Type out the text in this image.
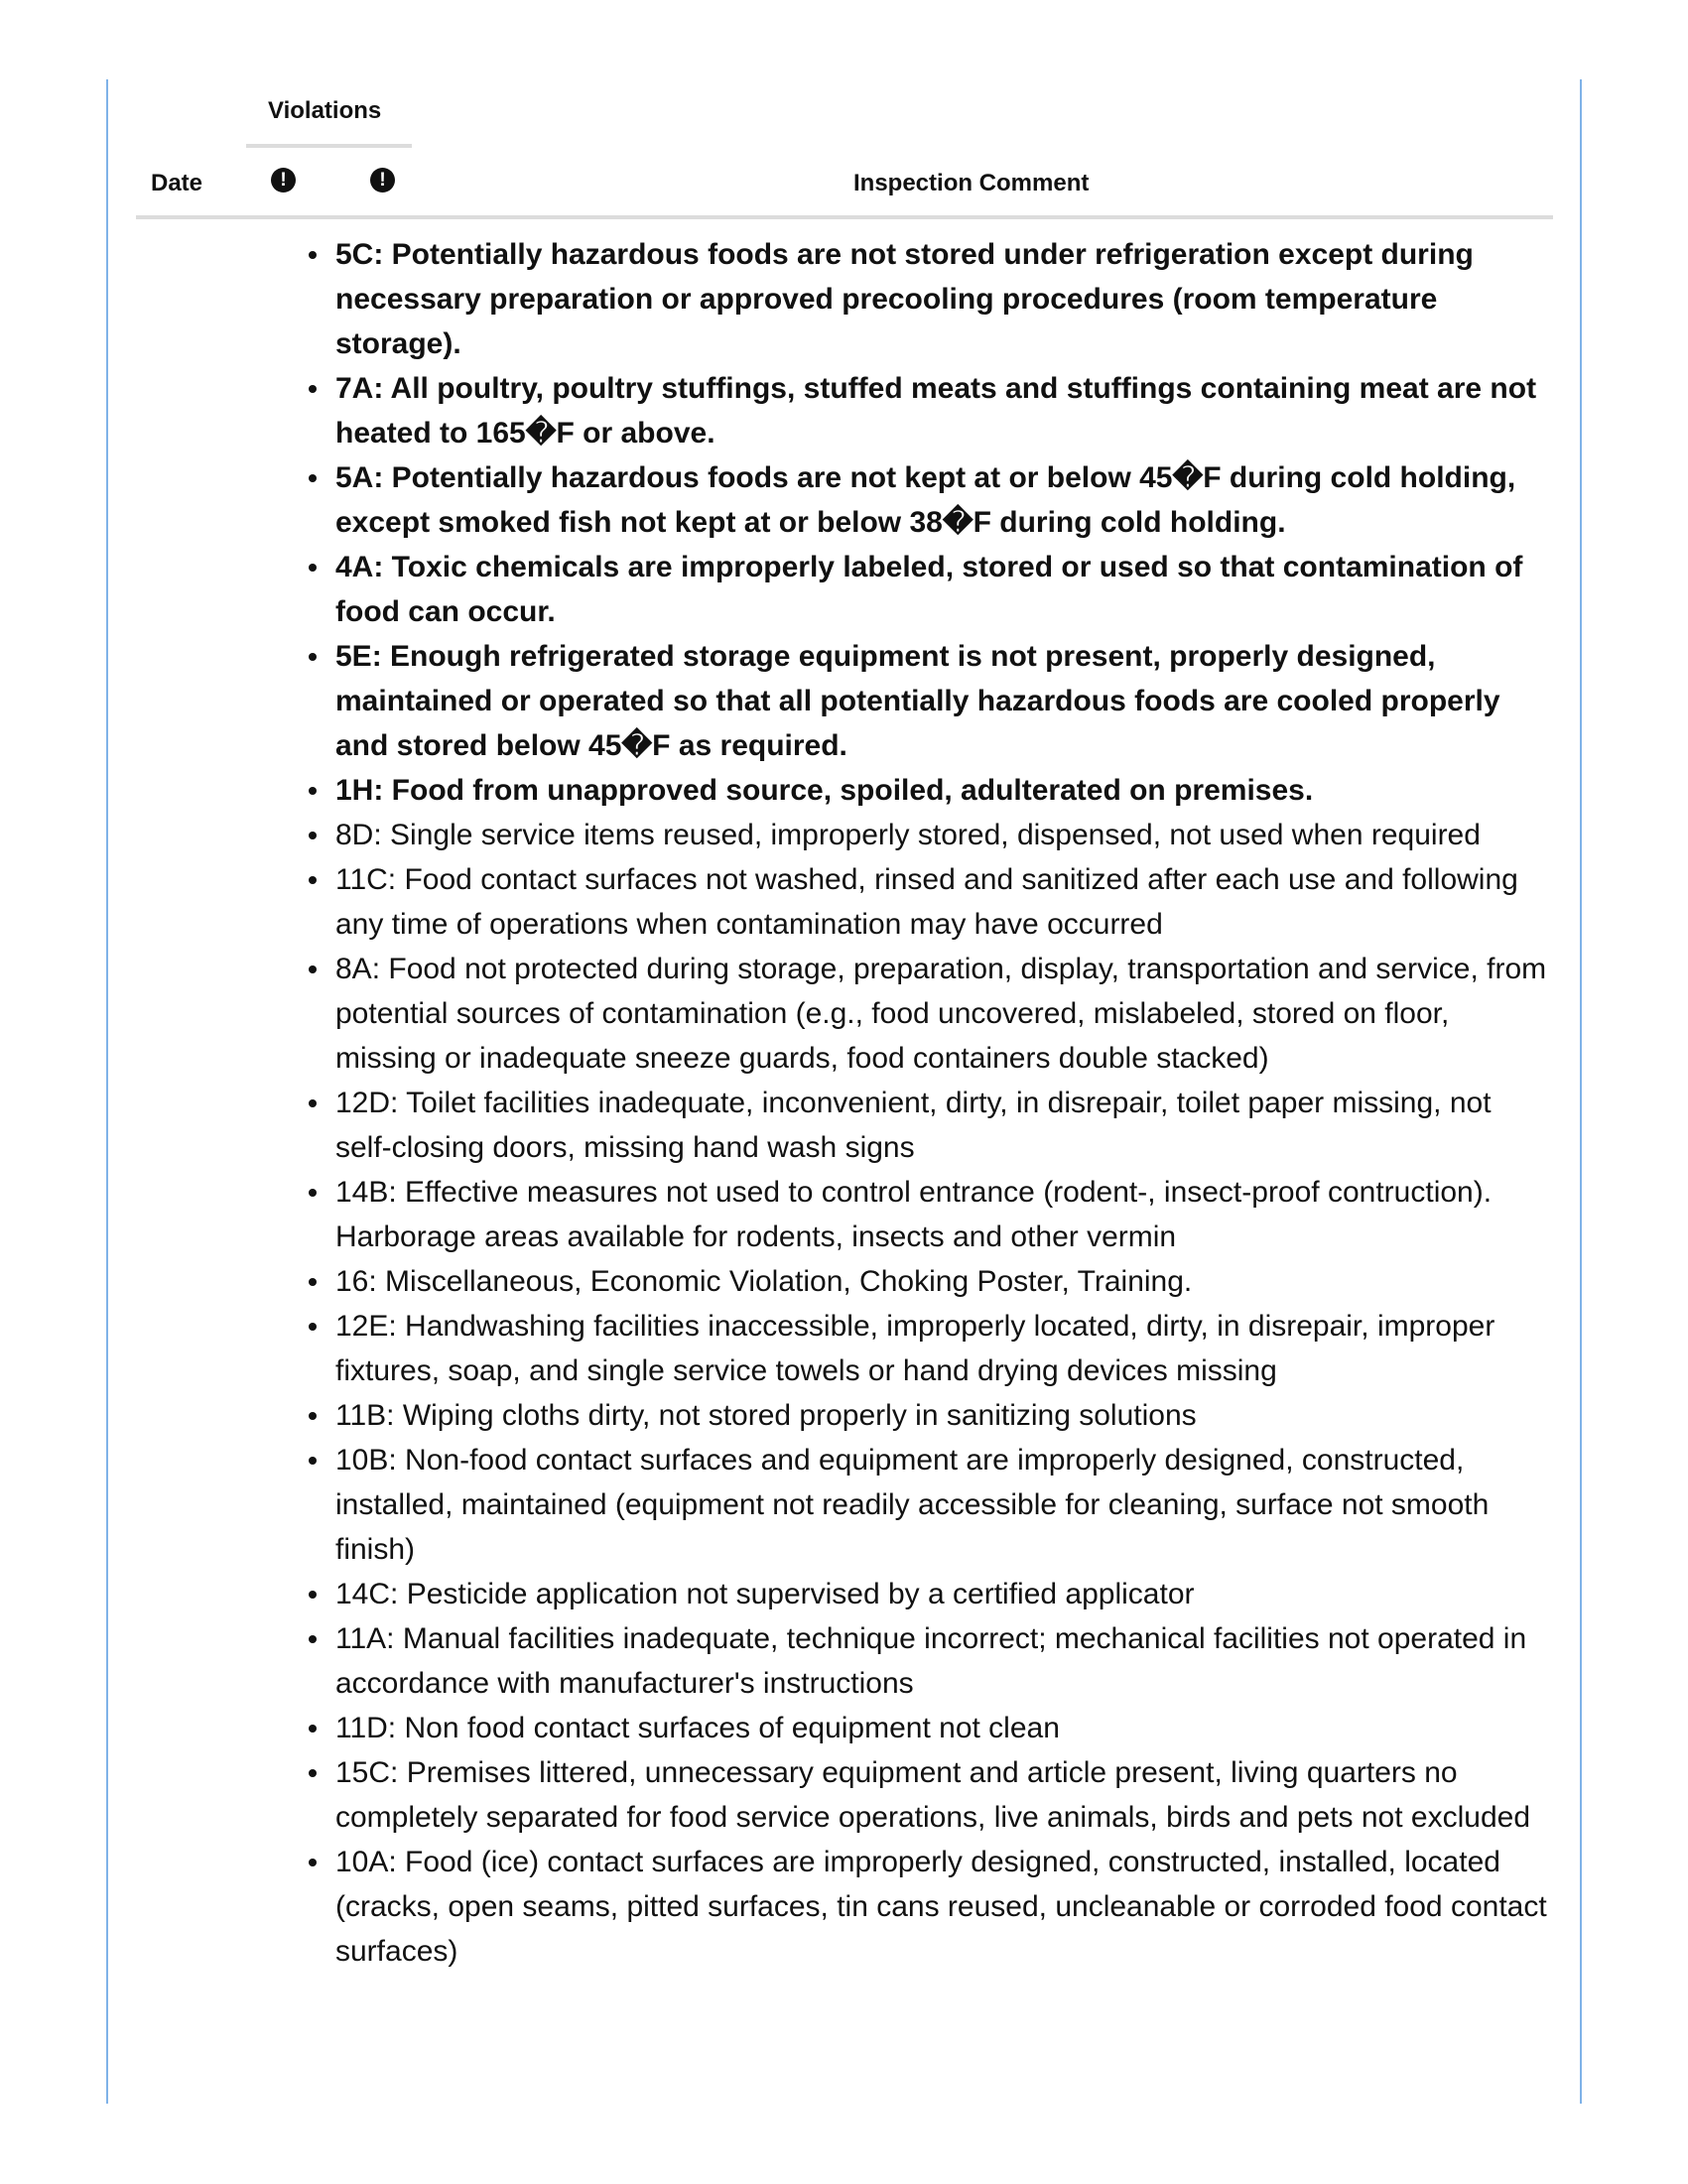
Violations
Date	!	!	Inspection Comment
5C: Potentially hazardous foods are not stored under refrigeration except during necessary preparation or approved precooling procedures (room temperature storage).
7A: All poultry, poultry stuffings, stuffed meats and stuffings containing meat are not heated to 165�F or above.
5A: Potentially hazardous foods are not kept at or below 45�F during cold holding, except smoked fish not kept at or below 38�F during cold holding.
4A: Toxic chemicals are improperly labeled, stored or used so that contamination of food can occur.
5E: Enough refrigerated storage equipment is not present, properly designed, maintained or operated so that all potentially hazardous foods are cooled properly and stored below 45�F as required.
1H: Food from unapproved source, spoiled, adulterated on premises.
8D: Single service items reused, improperly stored, dispensed, not used when required
11C: Food contact surfaces not washed, rinsed and sanitized after each use and following any time of operations when contamination may have occurred
8A: Food not protected during storage, preparation, display, transportation and service, from potential sources of contamination (e.g., food uncovered, mislabeled, stored on floor, missing or inadequate sneeze guards, food containers double stacked)
12D: Toilet facilities inadequate, inconvenient, dirty, in disrepair, toilet paper missing, not self-closing doors, missing hand wash signs
14B: Effective measures not used to control entrance (rodent-, insect-proof contruction). Harborage areas available for rodents, insects and other vermin
16: Miscellaneous, Economic Violation, Choking Poster, Training.
12E: Handwashing facilities inaccessible, improperly located, dirty, in disrepair, improper fixtures, soap, and single service towels or hand drying devices missing
11B: Wiping cloths dirty, not stored properly in sanitizing solutions
10B: Non-food contact surfaces and equipment are improperly designed, constructed, installed, maintained (equipment not readily accessible for cleaning, surface not smooth finish)
14C: Pesticide application not supervised by a certified applicator
11A: Manual facilities inadequate, technique incorrect; mechanical facilities not operated in accordance with manufacturer's instructions
11D: Non food contact surfaces of equipment not clean
15C: Premises littered, unnecessary equipment and article present, living quarters no completely separated for food service operations, live animals, birds and pets not excluded
10A: Food (ice) contact surfaces are improperly designed, constructed, installed, located (cracks, open seams, pitted surfaces, tin cans reused, uncleanable or corroded food contact surfaces)
